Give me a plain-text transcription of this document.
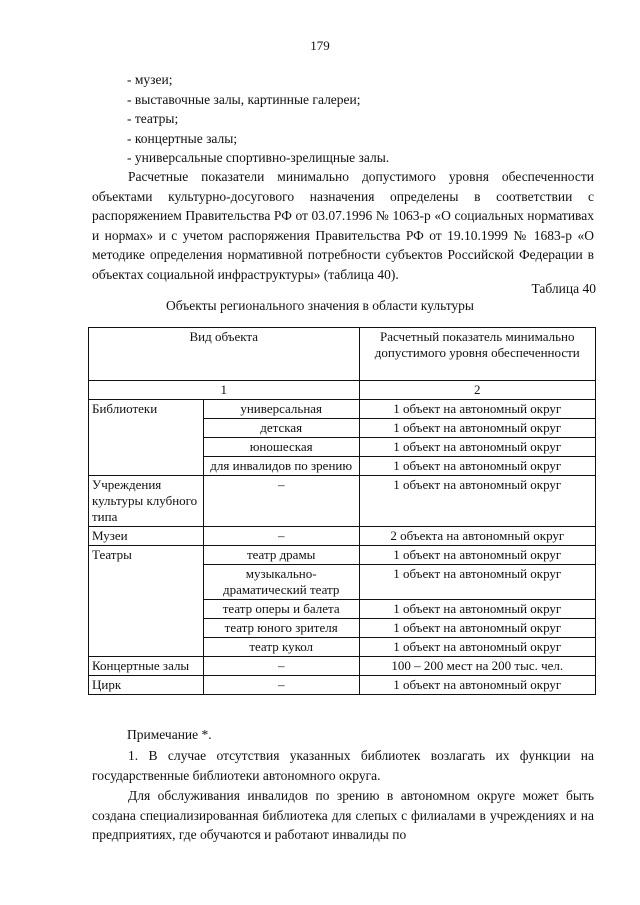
179
- музеи;
- выставочные залы, картинные галереи;
- театры;
- концертные залы;
- универсальные спортивно-зрелищные залы.

Расчетные показатели минимально допустимого уровня обеспеченности объектами культурно-досугового назначения определены в соответствии с распоряжением Правительства РФ от 03.07.1996 № 1063-р «О социальных нормативах и нормах» и с учетом распоряжения Правительства РФ от 19.10.1999 № 1683-р «О методике определения нормативной потребности субъектов Российской Федерации в объектах социальной инфраструктуры» (таблица 40).

Таблица 40
Объекты регионального значения в области культуры
Вид объекта		Расчетный показатель минимально допустимого уровня обеспеченности
1		2
Библиотеки	универсальная	1 объект на автономный округ
	детская	1 объект на автономный округ
	юношеская	1 объект на автономный округ
	для инвалидов по зрению	1 объект на автономный округ
Учреждения культуры клубного типа	–	1 объект на автономный округ
Музеи	–	2 объекта на автономный округ
Театры	театр драмы	1 объект на автономный округ
	музыкально-драматический театр	1 объект на автономный округ
	театр оперы и балета	1 объект на автономный округ
	театр юного зрителя	1 объект на автономный округ
	театр кукол	1 объект на автономный округ
Концертные залы	–	100 – 200 мест на 200 тыс. чел.
Цирк	–	1 объект на автономный округ
Примечание *.

1. В случае отсутствия указанных библиотек возлагать их функции на государственные библиотеки автономного округа.

Для обслуживания инвалидов по зрению в автономном округе может быть создана специализированная библиотека для слепых с филиалами в учреждениях и на предприятиях, где обучаются и работают инвалиды по
